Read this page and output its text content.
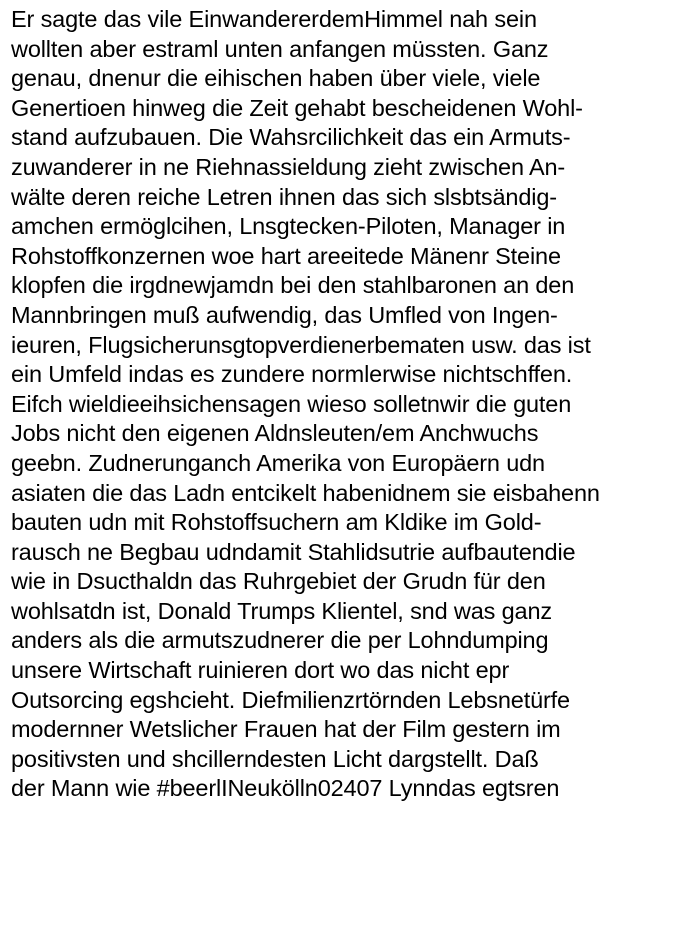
Er sagte das vile EinwandererdemHimmel nah sein
wollten aber estraml unten anfangen müssten. Ganz
genau, dnenur die eihischen haben über viele, viele
Genertioen hinweg die Zeit gehabt bescheidenen Wohl-
stand aufzubauen. Die Wahsrcilichkeit das ein Armuts-
zuwanderer in ne Riehnassieldung zieht zwischen An-
wälte deren reiche Letren ihnen das sich slsbtsändig-
amchen ermöglcihen, Lnsgtecken-Piloten, Manager in
Rohstoffkonzernen woe hart areeitede Mänenr Steine
klopfen die irgdnewjamdn bei den stahlbaronen an den
Mannbringen muß aufwendig, das Umfled von Ingen-
ieuren, Flugsicherunsgtopverdienerbematen usw. das ist
ein Umfeld indas es zundere normlerwise nichtschffen.
Eifch wieldieeihsichensagen wieso solletnwir die guten
Jobs nicht den eigenen Aldnsleuten/em Anchwuchs
geebn. Zudnerunganch Amerika von Europäern udn
asiaten die das Ladn entcikelt habenidnem sie eisbahenn
bauten udn mit Rohstoffsuchern am Kldike im Gold-
rausch ne Begbau udndamit Stahlidsutrie aufbautendie
wie in Dsucthaldn das Ruhrgebiet der Grudn für den
wohlsatdn ist, Donald Trumps Klientel, snd was ganz
anders als die armutszudnerer die per Lohndumping
unsere Wirtschaft ruinieren dort wo das nicht epr
Outsorcing egshcieht. Diefmilienzrtörnden Lebsnetürfe
modernner Wetslicher Frauen hat der Film gestern im
positivsten und shcillerndesten Licht dargstellt. Daß
der Mann wie #beerlINeukölln02407 Lynndas egtsren
